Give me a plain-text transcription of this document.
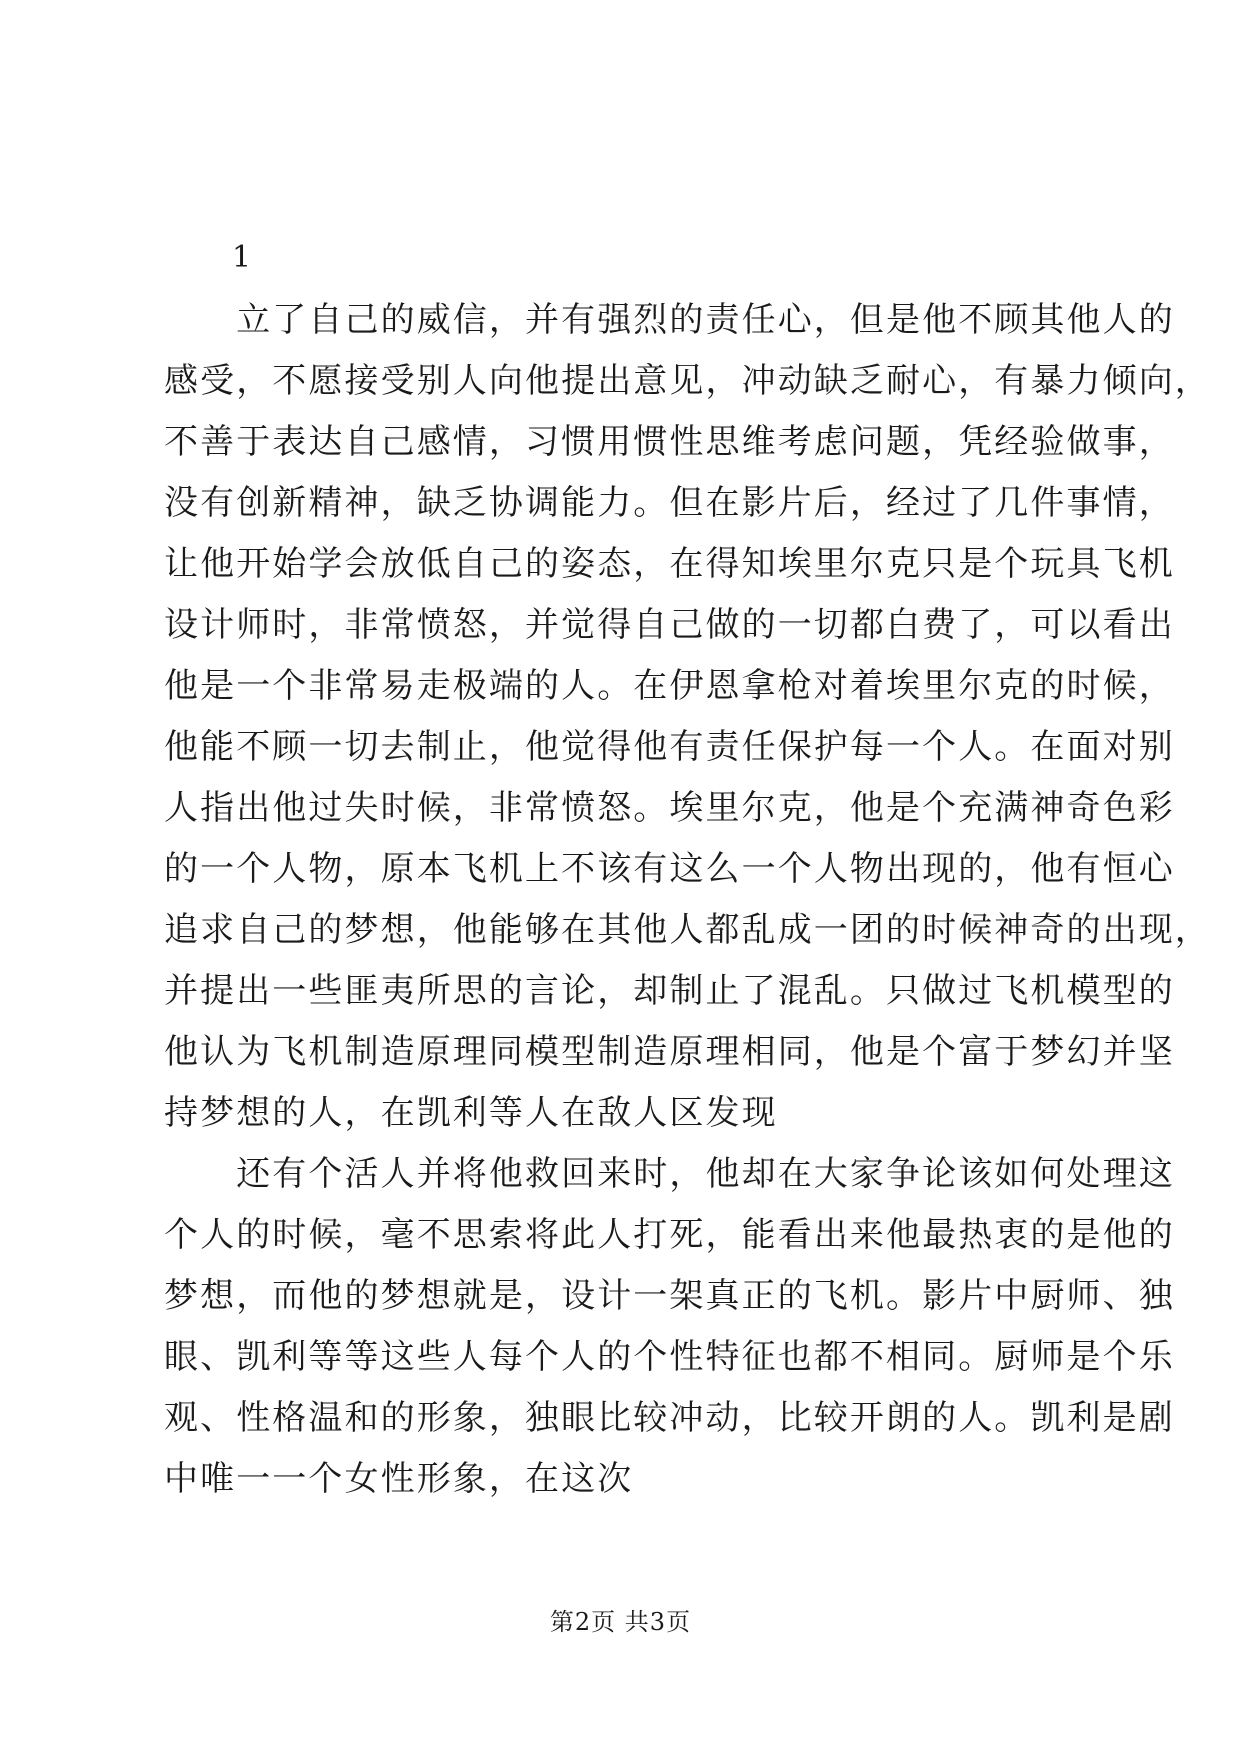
1
　　立了自己的威信，并有强烈的责任心，但是他不顾其他人的
感受，不愿接受别人向他提出意见，冲动缺乏耐心，有暴力倾向，
不善于表达自己感情，习惯用惯性思维考虑问题，凭经验做事，
没有创新精神，缺乏协调能力。但在影片后，经过了几件事情，
让他开始学会放低自己的姿态，在得知埃里尔克只是个玩具飞机
设计师时，非常愤怒，并觉得自己做的一切都白费了，可以看出
他是一个非常易走极端的人。在伊恩拿枪对着埃里尔克的时候，
他能不顾一切去制止，他觉得他有责任保护每一个人。在面对别
人指出他过失时候，非常愤怒。埃里尔克，他是个充满神奇色彩
的一个人物，原本飞机上不该有这么一个人物出现的，他有恒心
追求自己的梦想，他能够在其他人都乱成一团的时候神奇的出现，
并提出一些匪夷所思的言论，却制止了混乱。只做过飞机模型的
他认为飞机制造原理同模型制造原理相同，他是个富于梦幻并坚
持梦想的人，在凯利等人在敌人区发现
　　还有个活人并将他救回来时，他却在大家争论该如何处理这
个人的时候，毫不思索将此人打死，能看出来他最热衷的是他的
梦想，而他的梦想就是，设计一架真正的飞机。影片中厨师、独
眼、凯利等等这些人每个人的个性特征也都不相同。厨师是个乐
观、性格温和的形象，独眼比较冲动，比较开朗的人。凯利是剧
中唯一一个女性形象，在这次
第2页 共3页
